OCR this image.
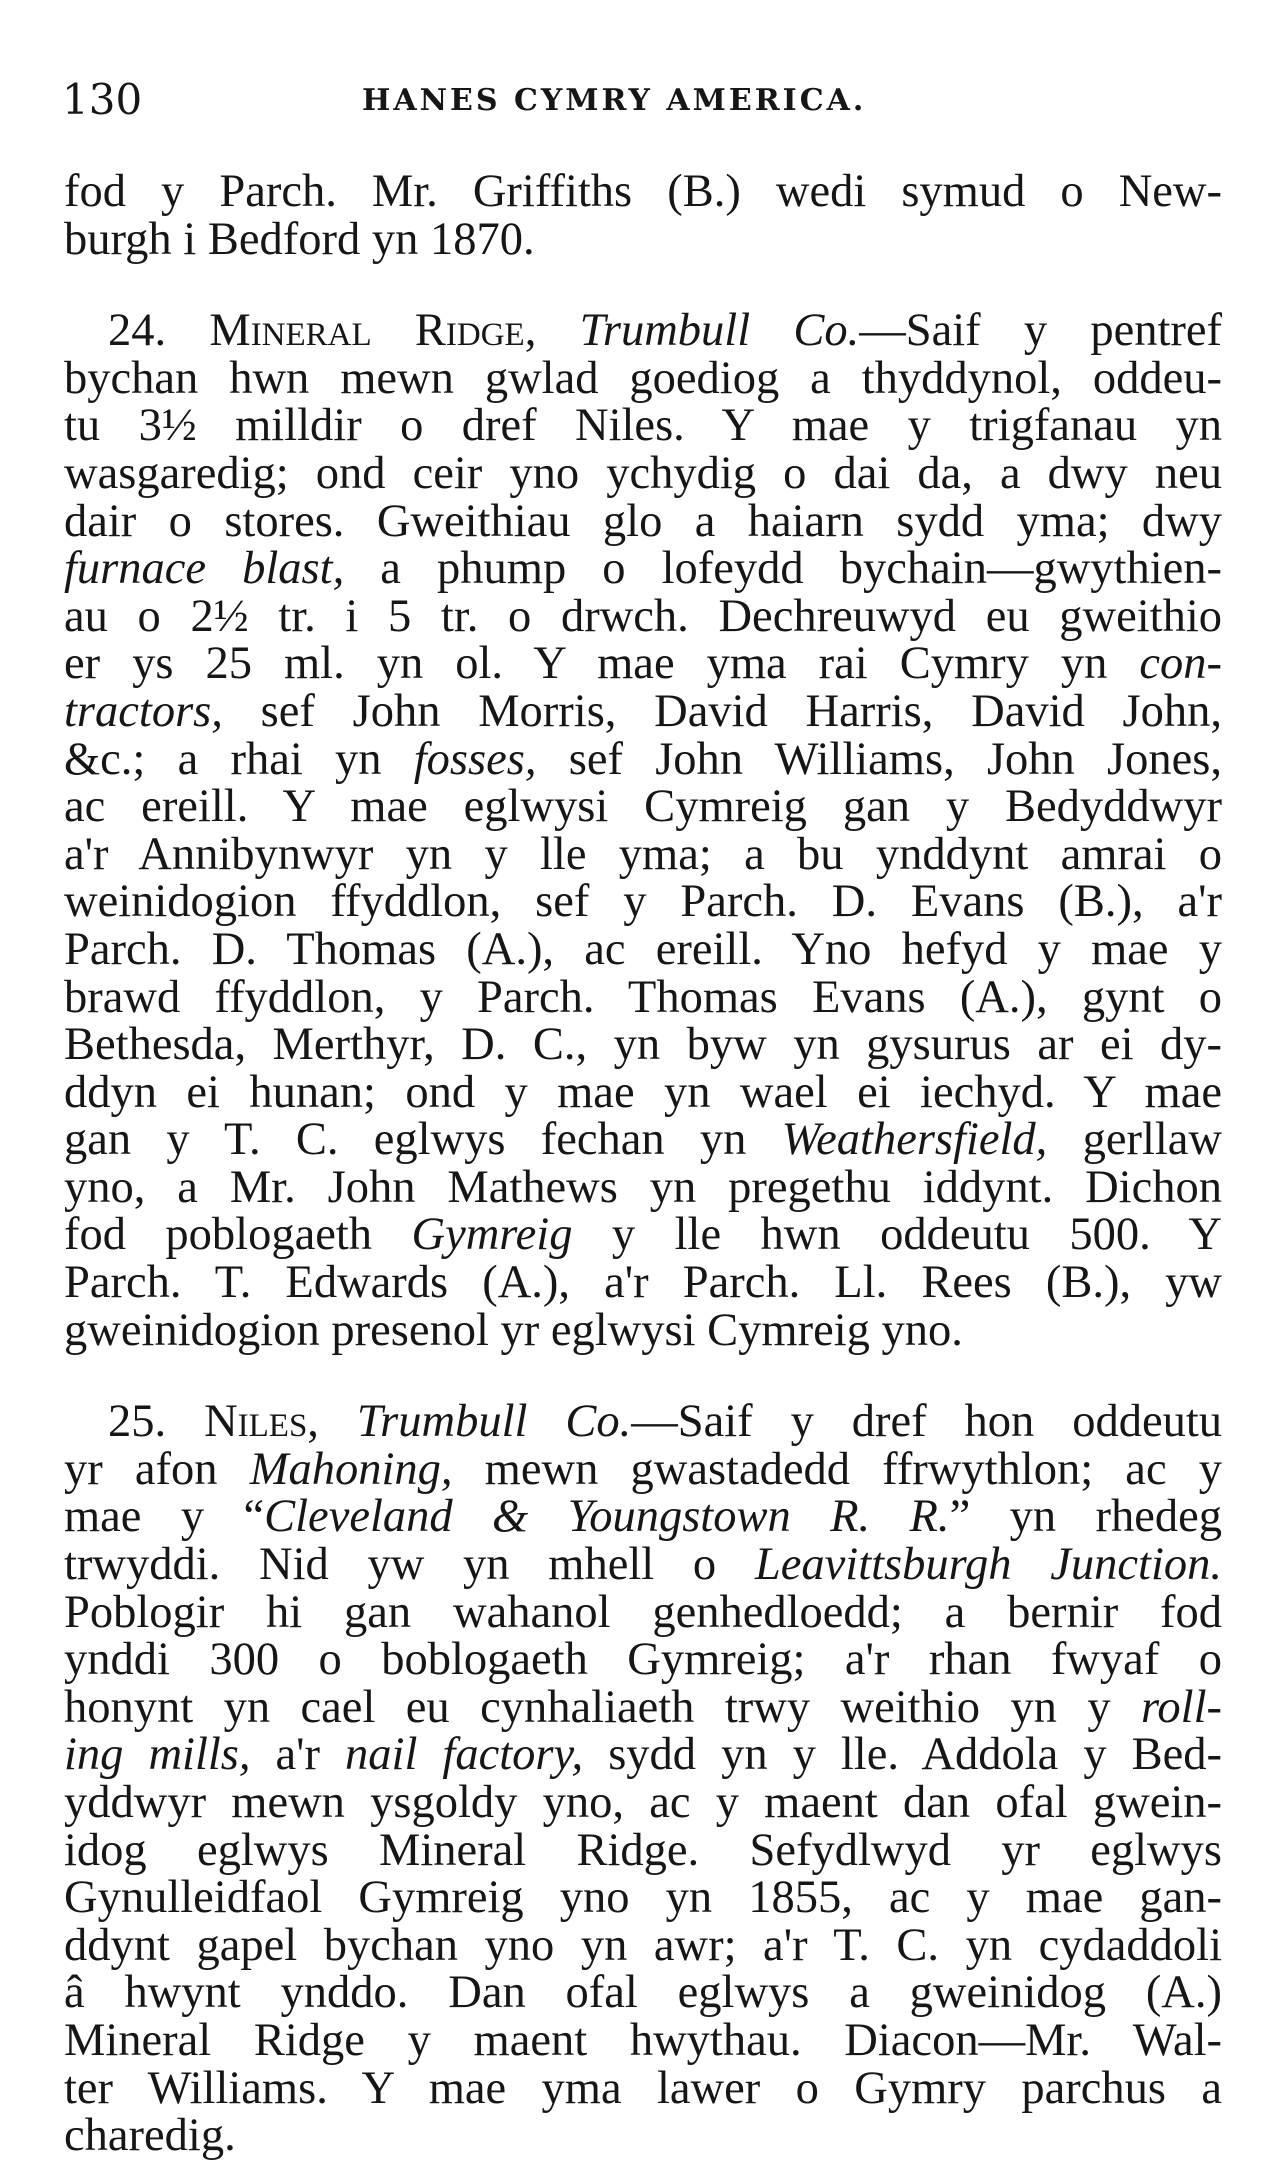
130	HANES CYMRY AMERICA.
fod y Parch. Mr. Griffiths (B.) wedi symud o New-
burgh i Bedford yn 1870.
24. Mineral Ridge, Trumbull Co.—Saif y pentref
bychan hwn mewn gwlad goediog a thyddynol, oddeu-
tu 3½ milldir o dref Niles. Y mae y trigfanau yn
wasgaredig; ond ceir yno ychydig o dai da, a dwy neu
dair o stores. Gweithiau glo a haiarn sydd yma; dwy
furnace blast, a phump o lofeydd bychain—gwythien-
au o 2½ tr. i 5 tr. o drwch. Dechreuwyd eu gweithio
er ys 25 ml. yn ol. Y mae yma rai Cymry yn con-
tractors, sef John Morris, David Harris, David John,
&c.; a rhai yn fosses, sef John Williams, John Jones,
ac ereill. Y mae eglwysi Cymreig gan y Bedyddwyr
a'r Annibynwyr yn y lle yma; a bu ynddynt amrai o
weinidogion ffyddlon, sef y Parch. D. Evans (B.), a'r
Parch. D. Thomas (A.), ac ereill. Yno hefyd y mae y
brawd ffyddlon, y Parch. Thomas Evans (A.), gynt o
Bethesda, Merthyr, D. C., yn byw yn gysurus ar ei dy-
ddyn ei hunan; ond y mae yn wael ei iechyd. Y mae
gan y T. C. eglwys fechan yn Weathersfield, gerllaw
yno, a Mr. John Mathews yn pregethu iddynt. Dichon
fod poblogaeth Gymreig y lle hwn oddeutu 500. Y
Parch. T. Edwards (A.), a'r Parch. Ll. Rees (B.), yw
gweinidogion presenol yr eglwysi Cymreig yno.
25. Niles, Trumbull Co.—Saif y dref hon oddeutu
yr afon Mahoning, mewn gwastadedd ffrwythlon; ac y
mae y “Cleveland & Youngstown R. R.” yn rhedeg
trwyddi. Nid yw yn mhell o Leavittsburgh Junction.
Poblogir hi gan wahanol genhedloedd; a bernir fod
ynddi 300 o boblogaeth Gymreig; a'r rhan fwyaf o
honynt yn cael eu cynhaliaeth trwy weithio yn y roll-
ing mills, a'r nail factory, sydd yn y lle. Addola y Bed-
yddwyr mewn ysgoldy yno, ac y maent dan ofal gwein-
idog eglwys Mineral Ridge. Sefydlwyd yr eglwys
Gynulleidfaol Gymreig yno yn 1855, ac y mae gan-
ddynt gapel bychan yno yn awr; a'r T. C. yn cydaddoli
â hwynt ynddo. Dan ofal eglwys a gweinidog (A.)
Mineral Ridge y maent hwythau. Diacon—Mr. Wal-
ter Williams. Y mae yma lawer o Gymry parchus a
charedig.
